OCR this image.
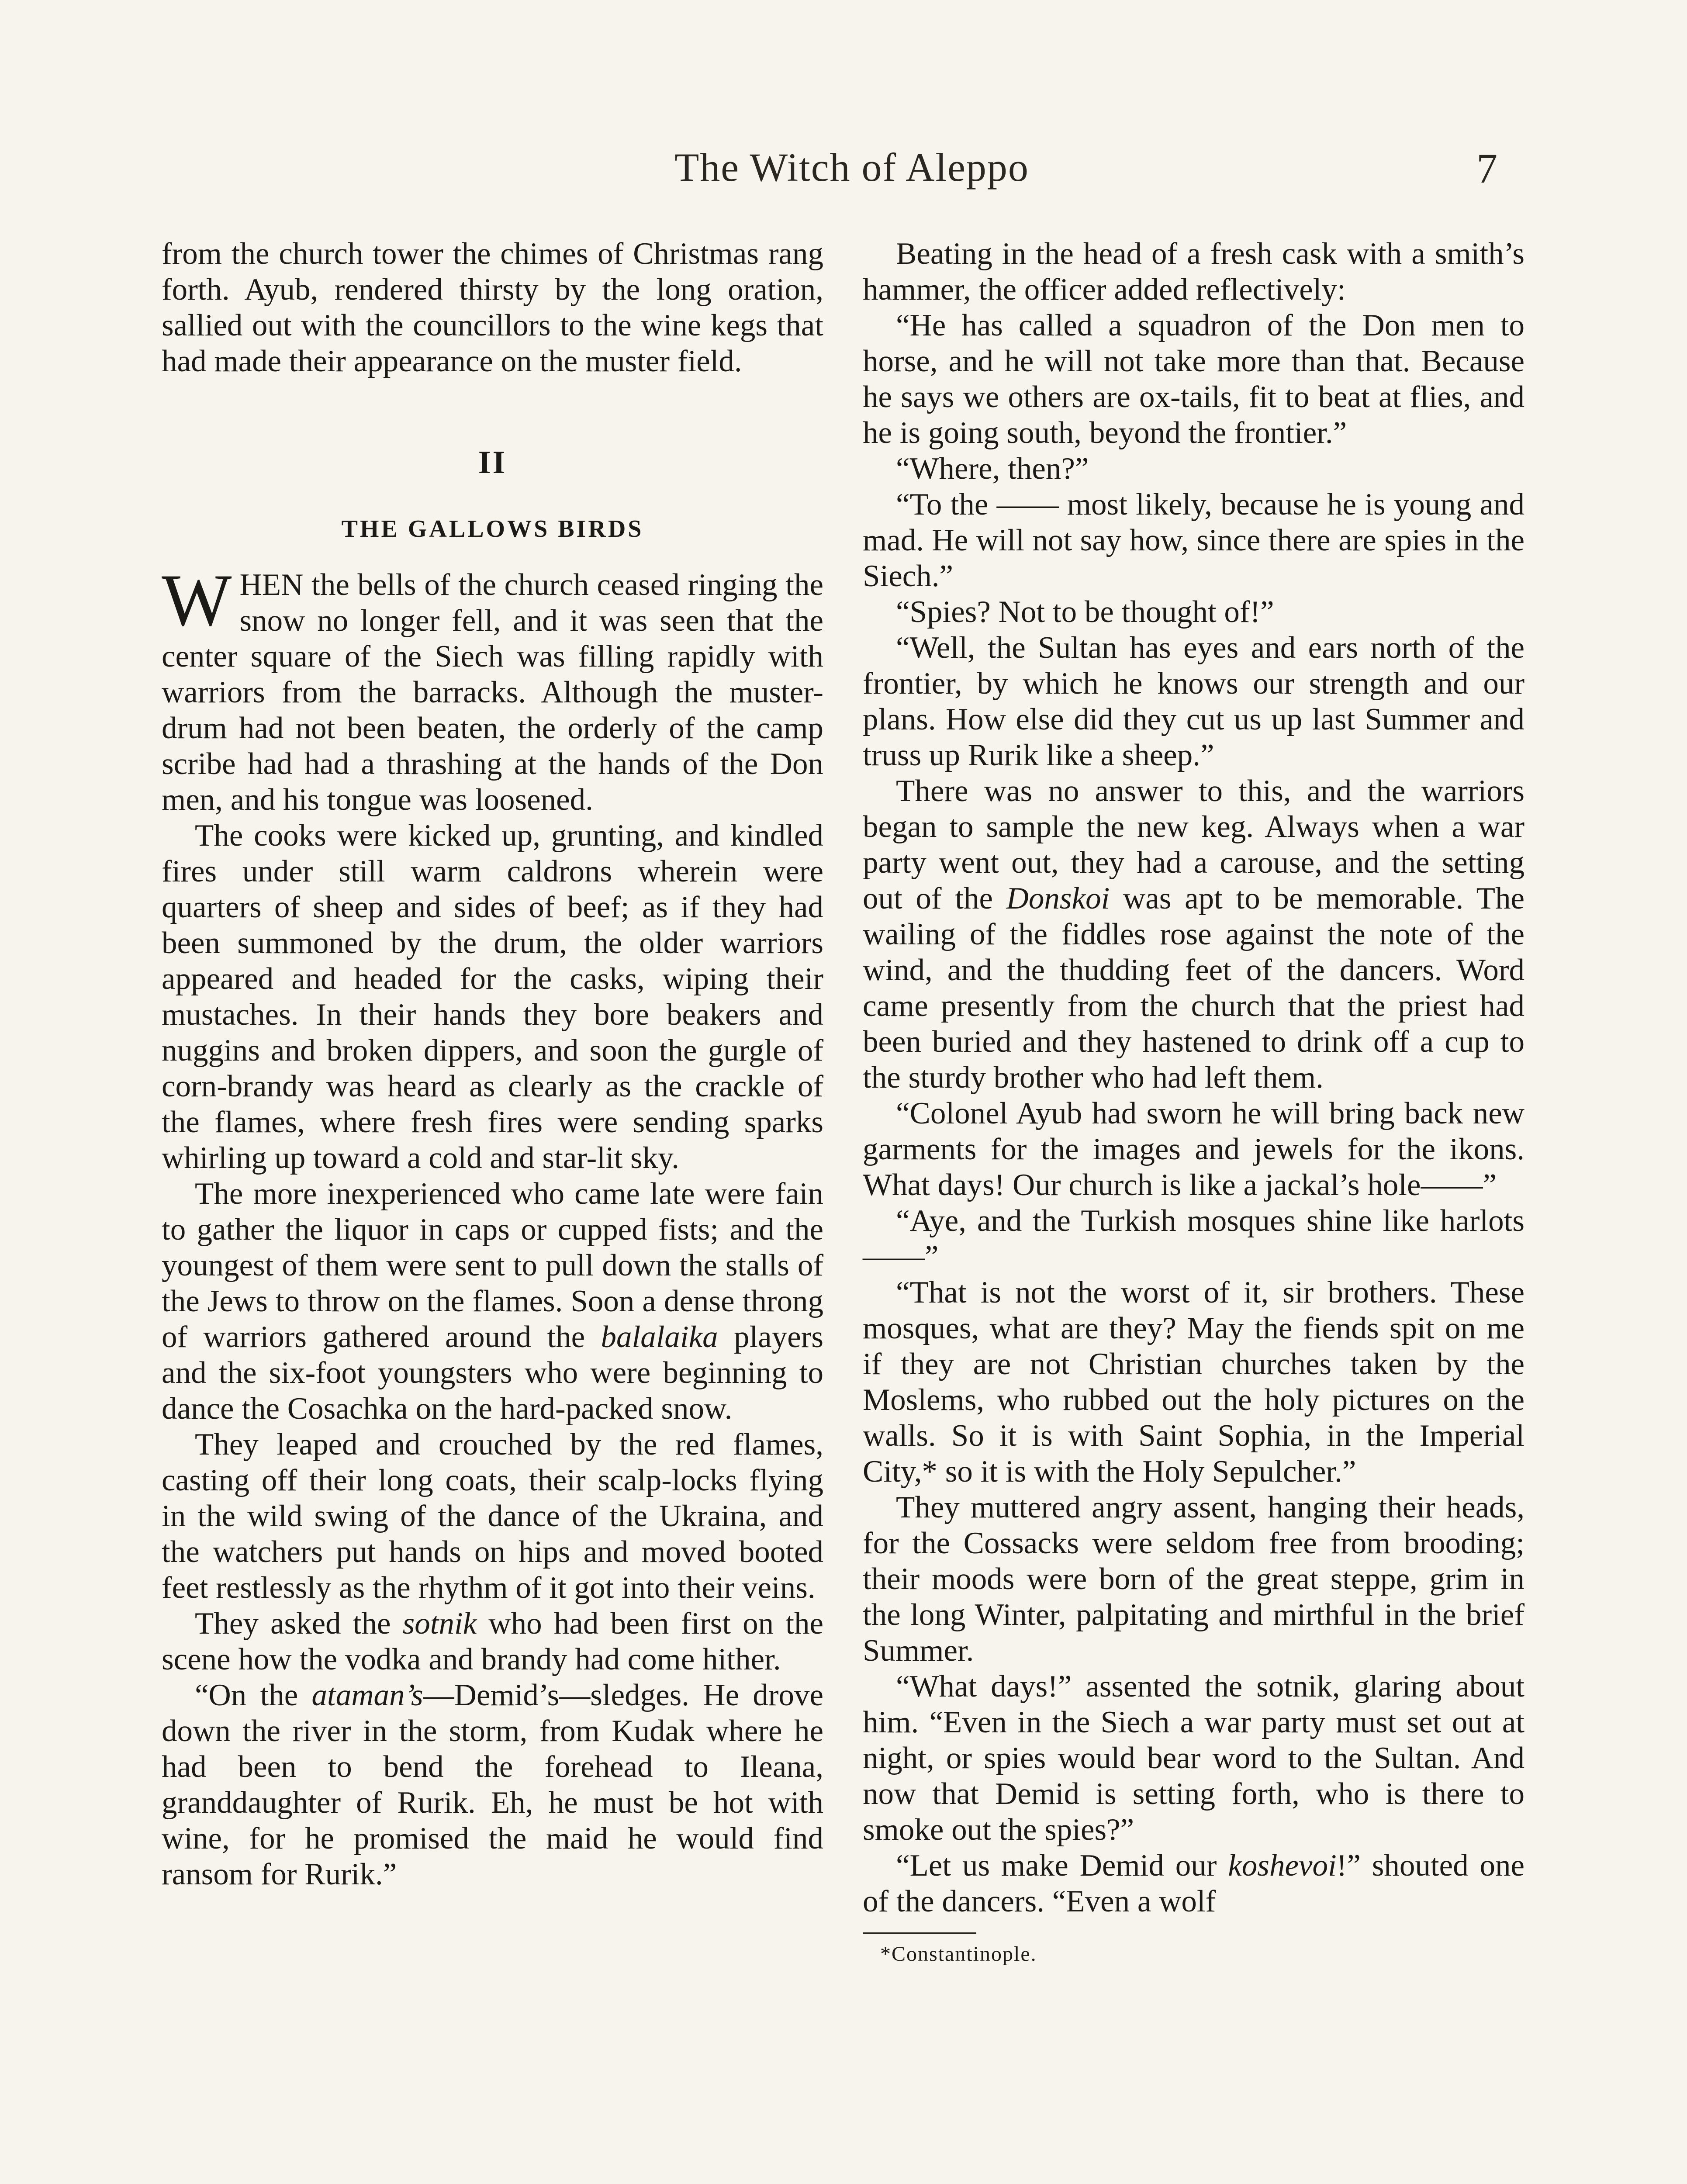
The Witch of Aleppo	7

from the church tower the chimes of Christmas rang forth. Ayub, rendered thirsty by the long oration, sallied out with the councillors to the wine kegs that had made their appearance on the muster field.

II
THE GALLOWS BIRDS

WHEN the bells of the church ceased ringing the snow no longer fell, and it was seen that the center square of the Siech was filling rapidly with warriors from the barracks. Although the muster-drum had not been beaten, the orderly of the camp scribe had had a thrashing at the hands of the Don men, and his tongue was loosened.

The cooks were kicked up, grunting, and kindled fires under still warm caldrons wherein were quarters of sheep and sides of beef; as if they had been summoned by the drum, the older warriors appeared and headed for the casks, wiping their mustaches. In their hands they bore beakers and nuggins and broken dippers, and soon the gurgle of corn-brandy was heard as clearly as the crackle of the flames, where fresh fires were sending sparks whirling up toward a cold and star-lit sky.

The more inexperienced who came late were fain to gather the liquor in caps or cupped fists; and the youngest of them were sent to pull down the stalls of the Jews to throw on the flames. Soon a dense throng of warriors gathered around the balalaika players and the six-foot youngsters who were beginning to dance the Cosachka on the hard-packed snow.

They leaped and crouched by the red flames, casting off their long coats, their scalp-locks flying in the wild swing of the dance of the Ukraina, and the watchers put hands on hips and moved booted feet restlessly as the rhythm of it got into their veins.

They asked the sotnik who had been first on the scene how the vodka and brandy had come hither.

“On the ataman’s—Demid’s—sledges. He drove down the river in the storm, from Kudak where he had been to bend the forehead to Ileana, granddaughter of Rurik. Eh, he must be hot with wine, for he promised the maid he would find ransom for Rurik.”

Beating in the head of a fresh cask with a smith’s hammer, the officer added reflectively:

“He has called a squadron of the Don men to horse, and he will not take more than that. Because he says we others are ox-tails, fit to beat at flies, and he is going south, beyond the frontier.”

“Where, then?”

“To the —— most likely, because he is young and mad. He will not say how, since there are spies in the Siech.”

“Spies? Not to be thought of!”

“Well, the Sultan has eyes and ears north of the frontier, by which he knows our strength and our plans. How else did they cut us up last Summer and truss up Rurik like a sheep.”

There was no answer to this, and the warriors began to sample the new keg. Always when a war party went out, they had a carouse, and the setting out of the Donskoi was apt to be memorable. The wailing of the fiddles rose against the note of the wind, and the thudding feet of the dancers. Word came presently from the church that the priest had been buried and they hastened to drink off a cup to the sturdy brother who had left them.

“Colonel Ayub had sworn he will bring back new garments for the images and jewels for the ikons. What days! Our church is like a jackal’s hole——”

“Aye, and the Turkish mosques shine like harlots——”

“That is not the worst of it, sir brothers. These mosques, what are they? May the fiends spit on me if they are not Christian churches taken by the Moslems, who rubbed out the holy pictures on the walls. So it is with Saint Sophia, in the Imperial City,* so it is with the Holy Sepulcher.”

They muttered angry assent, hanging their heads, for the Cossacks were seldom free from brooding; their moods were born of the great steppe, grim in the long Winter, palpitating and mirthful in the brief Summer.

“What days!” assented the sotnik, glaring about him. “Even in the Siech a war party must set out at night, or spies would bear word to the Sultan. And now that Demid is setting forth, who is there to smoke out the spies?”

“Let us make Demid our koshevoi!” shouted one of the dancers. “Even a wolf

*Constantinople.
